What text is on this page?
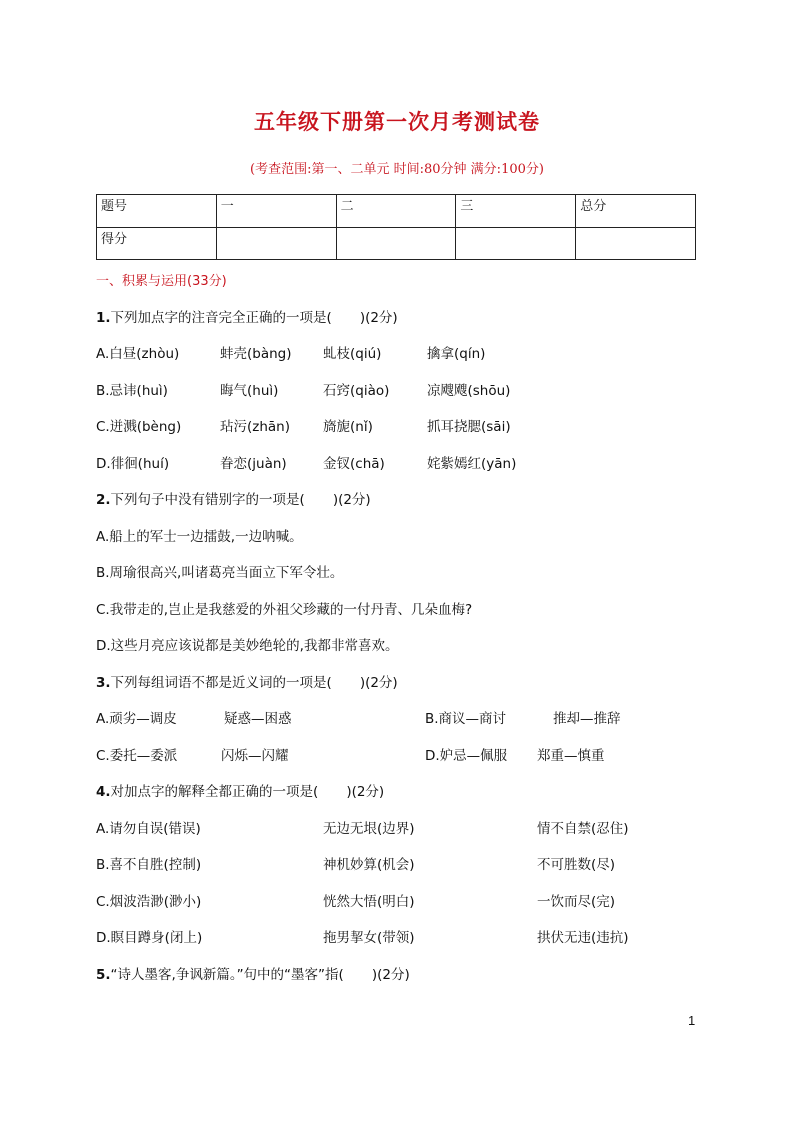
五年级下册第一次月考测试卷
(考查范围:第一、二单元 时间:80分钟 满分:100分)
题号	一	二	三	总分
得分				
一、积累与运用(33分)
1.下列加点字的注音完全正确的一项是( )(2分)
A.白昼(zhòu)	蚌壳(bàng) 虬枝(qiú)	擒拿(qín)
B.忌讳(huì)	晦气(huì)	石窍(qiào)	凉飕飕(shōu)
C.迸溅(bèng)	玷污(zhān) 旖旎(nǐ)	抓耳挠腮(sāi)
D.徘徊(huí)	眷恋(juàn)	金钗(chā)	姹紫嫣红(yān)
2.下列句子中没有错别字的一项是( )(2分)
A.船上的军士一边擂鼓,一边呐喊。
B.周瑜很高兴,叫诸葛亮当面立下军令壮。
C.我带走的,岂止是我慈爱的外祖父珍藏的一付丹青、几朵血梅?
D.这些月亮应该说都是美妙绝轮的,我都非常喜欢。
3.下列每组词语不都是近义词的一项是( )(2分)
A.顽劣—调皮	疑惑—困惑	B.商议—商讨	推却—推辞
C.委托—委派	闪烁—闪耀	D.妒忌—佩服 郑重—慎重
4.对加点字的解释全都正确的一项是( )(2分)
A.请勿自误(错误)	无边无垠(边界)	情不自禁(忍住)
B.喜不自胜(控制)	神机妙算(机会)	不可胜数(尽)
C.烟波浩渺(渺小)	恍然大悟(明白)	一饮而尽(完)
D.瞑目蹲身(闭上)	拖男挈女(带领)	拱伏无违(违抗)
5.“诗人墨客,争讽新篇。”句中的“墨客”指( )(2分)
1
